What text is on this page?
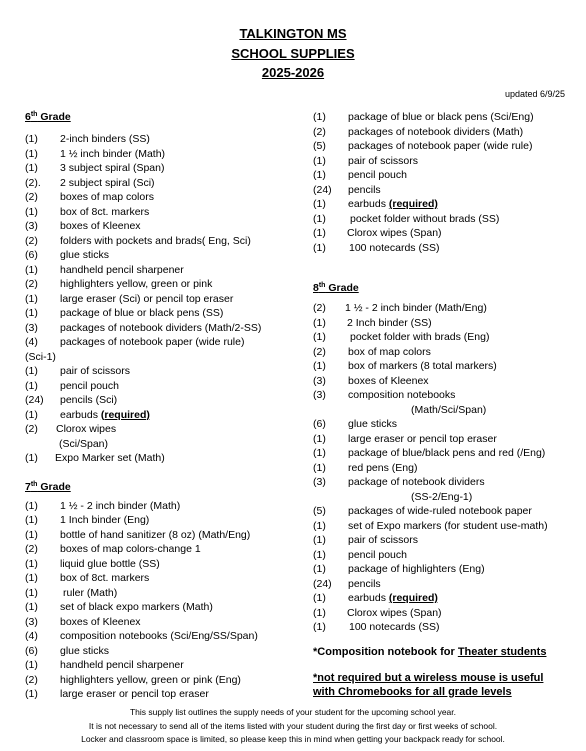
TALKINGTON MS
SCHOOL SUPPLIES
2025-2026
updated 6/9/25
6th Grade
(1) 2-inch binders (SS)
(1) 1 ½ inch binder (Math)
(1) 3 subject spiral (Span)
(2). 2 subject spiral (Sci)
(2) boxes of map colors
(1) box of 8ct. markers
(3) boxes of Kleenex
(2) folders with pockets and brads( Eng, Sci)
(6) glue sticks
(1) handheld pencil sharpener
(2) highlighters yellow, green or pink
(1) large eraser (Sci) or pencil top eraser
(1) package of blue or black pens (SS)
(3) packages of notebook dividers (Math/2-SS)
(4) packages of notebook paper (wide rule)
(Sci-1)
(1) pair of scissors
(1) pencil pouch
(24) pencils (Sci)
(1) earbuds (required)
(2) Clorox wipes
(Sci/Span)
(1) Expo Marker set (Math)
7th Grade
(1) 1 ½ - 2 inch binder (Math)
(1) 1 Inch binder (Eng)
(1) bottle of hand sanitizer (8 oz) (Math/Eng)
(2) boxes of map colors-change 1
(1) liquid glue bottle (SS)
(1) box of 8ct. markers
(1) ruler (Math)
(1) set of black expo markers (Math)
(3) boxes of Kleenex
(4) composition notebooks (Sci/Eng/SS/Span)
(6) glue sticks
(1) handheld pencil sharpener
(2) highlighters yellow, green or pink (Eng)
(1) large eraser or pencil top eraser
(1) package of blue or black pens (Sci/Eng)
(2) packages of notebook dividers (Math)
(5) packages of notebook paper (wide rule)
(1) pair of scissors
(1) pencil pouch
(24) pencils
(1) earbuds (required)
(1) pocket folder without brads (SS)
(1) Clorox wipes (Span)
(1) 100 notecards (SS)
8th Grade
(2) 1 ½ - 2 inch binder (Math/Eng)
(1) 2 Inch binder (SS)
(1) pocket folder with brads (Eng)
(2) box of map colors
(1) box of markers (8 total markers)
(3) boxes of Kleenex
(3) composition notebooks
(Math/Sci/Span)
(6) glue sticks
(1) large eraser or pencil top eraser
(1) package of blue/black pens and red (/Eng)
(1) red pens (Eng)
(3) package of notebook dividers
(SS-2/Eng-1)
(5) packages of wide-ruled notebook paper
(1) set of Expo markers (for student use-math)
(1) pair of scissors
(1) pencil pouch
(1) package of highlighters (Eng)
(24) pencils
(1) earbuds (required)
(1) Clorox wipes (Span)
(1) 100 notecards (SS)
*Composition notebook for Theater students
*not required but a wireless mouse is useful
with Chromebooks for all grade levels
This supply list outlines the supply needs of your student for the upcoming school year.
It is not necessary to send all of the items listed with your student during the first day or first weeks of school.
Locker and classroom space is limited, so please keep this in mind when getting your backpack ready for school.
